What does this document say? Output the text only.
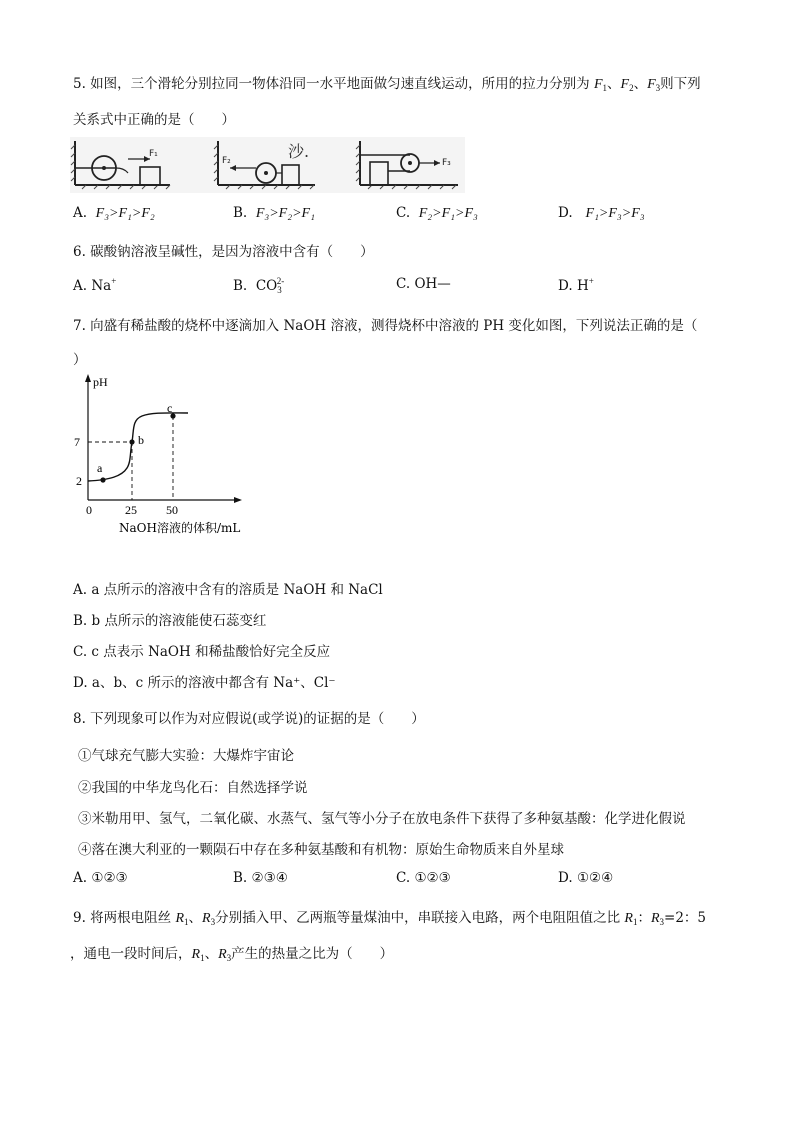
5. 如图，三个滑轮分别拉同一物体沿同一水平地面做匀速直线运动，所用的拉力分别为 $F_1$、$F_2$、$F_3$则下列
关系式中正确的是（　　）
F₁
F₂	沙.
F₃
A. F₃>F₁>F₂	B. F₃>F₂>F₁	C. F₂>F₁>F₃	D. F₁>F₃>F₃
6. 碳酸钠溶液呈碱性，是因为溶液中含有（　　）
A. Na+	B. $CO_3^{2-}$	C. OH—	D. H+
7. 向盛有稀盐酸的烧杯中逐滴加入 NaOH 溶液，测得烧杯中溶液的 PH 变化如图，下列说法正确的是（
）
pH
7
2
0	25 50
a
b
c
NaOH溶液的体积/mL
A. a 点所示的溶液中含有的溶质是 NaOH 和 NaCl
B. b 点所示的溶液能使石蕊变红
C. c 点表示 NaOH 和稀盐酸恰好完全反应
D. a、b、c 所示的溶液中都含有 Na⁺、Cl⁻
8. 下列现象可以作为对应假说(或学说)的证据的是（　　）
①气球充气膨大实验：大爆炸宇宙论
②我国的中华龙鸟化石：自然选择学说
③米勒用甲、氢气，二氧化碳、水蒸气、氢气等小分子在放电条件下获得了多种氨基酸：化学进化假说
④落在澳大利亚的一颗陨石中存在多种氨基酸和有机物：原始生命物质来自外星球
A. ①②③	B. ②③④	C. ①②③	D. ①②④
9. 将两根电阻丝 $R_1$、$R_3$分别插入甲、乙两瓶等量煤油中，串联接入电路，两个电阻阻值之比 $R_1$：$R_3=2$：5
，通电一段时间后，$R_1$、$R_3$产生的热量之比为（　　）
